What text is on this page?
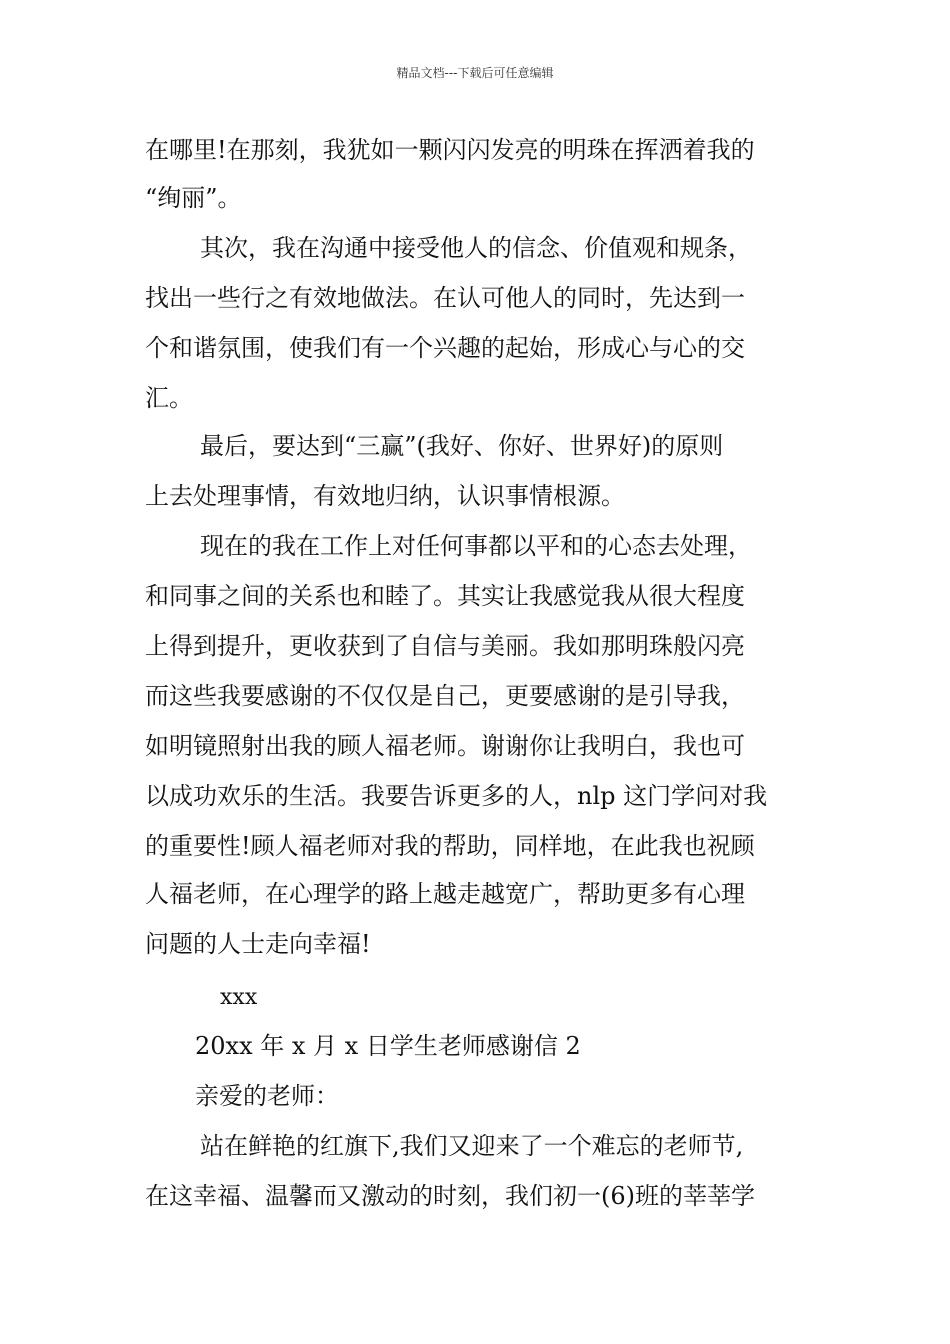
精品文档---下载后可任意编辑
在哪里!在那刻，我犹如一颗闪闪发亮的明珠在挥洒着我的
“绚丽”。
其次，我在沟通中接受他人的信念、价值观和规条，
找出一些行之有效地做法。在认可他人的同时，先达到一
个和谐氛围，使我们有一个兴趣的起始，形成心与心的交
汇。
最后，要达到“三赢”(我好、你好、世界好)的原则
上去处理事情，有效地归纳，认识事情根源。
现在的我在工作上对任何事都以平和的心态去处理，
和同事之间的关系也和睦了。其实让我感觉我从很大程度
上得到提升，更收获到了自信与美丽。我如那明珠般闪亮
而这些我要感谢的不仅仅是自己，更要感谢的是引导我，
如明镜照射出我的顾人福老师。谢谢你让我明白，我也可
以成功欢乐的生活。我要告诉更多的人，nlp 这门学问对我
的重要性!顾人福老师对我的帮助，同样地，在此我也祝顾
人福老师，在心理学的路上越走越宽广，帮助更多有心理
问题的人士走向幸福!
xxx
20xx 年 x 月 x 日学生老师感谢信 2
亲爱的老师：
站在鲜艳的红旗下,我们又迎来了一个难忘的老师节,
在这幸福、温馨而又激动的时刻，我们初一(6)班的莘莘学
